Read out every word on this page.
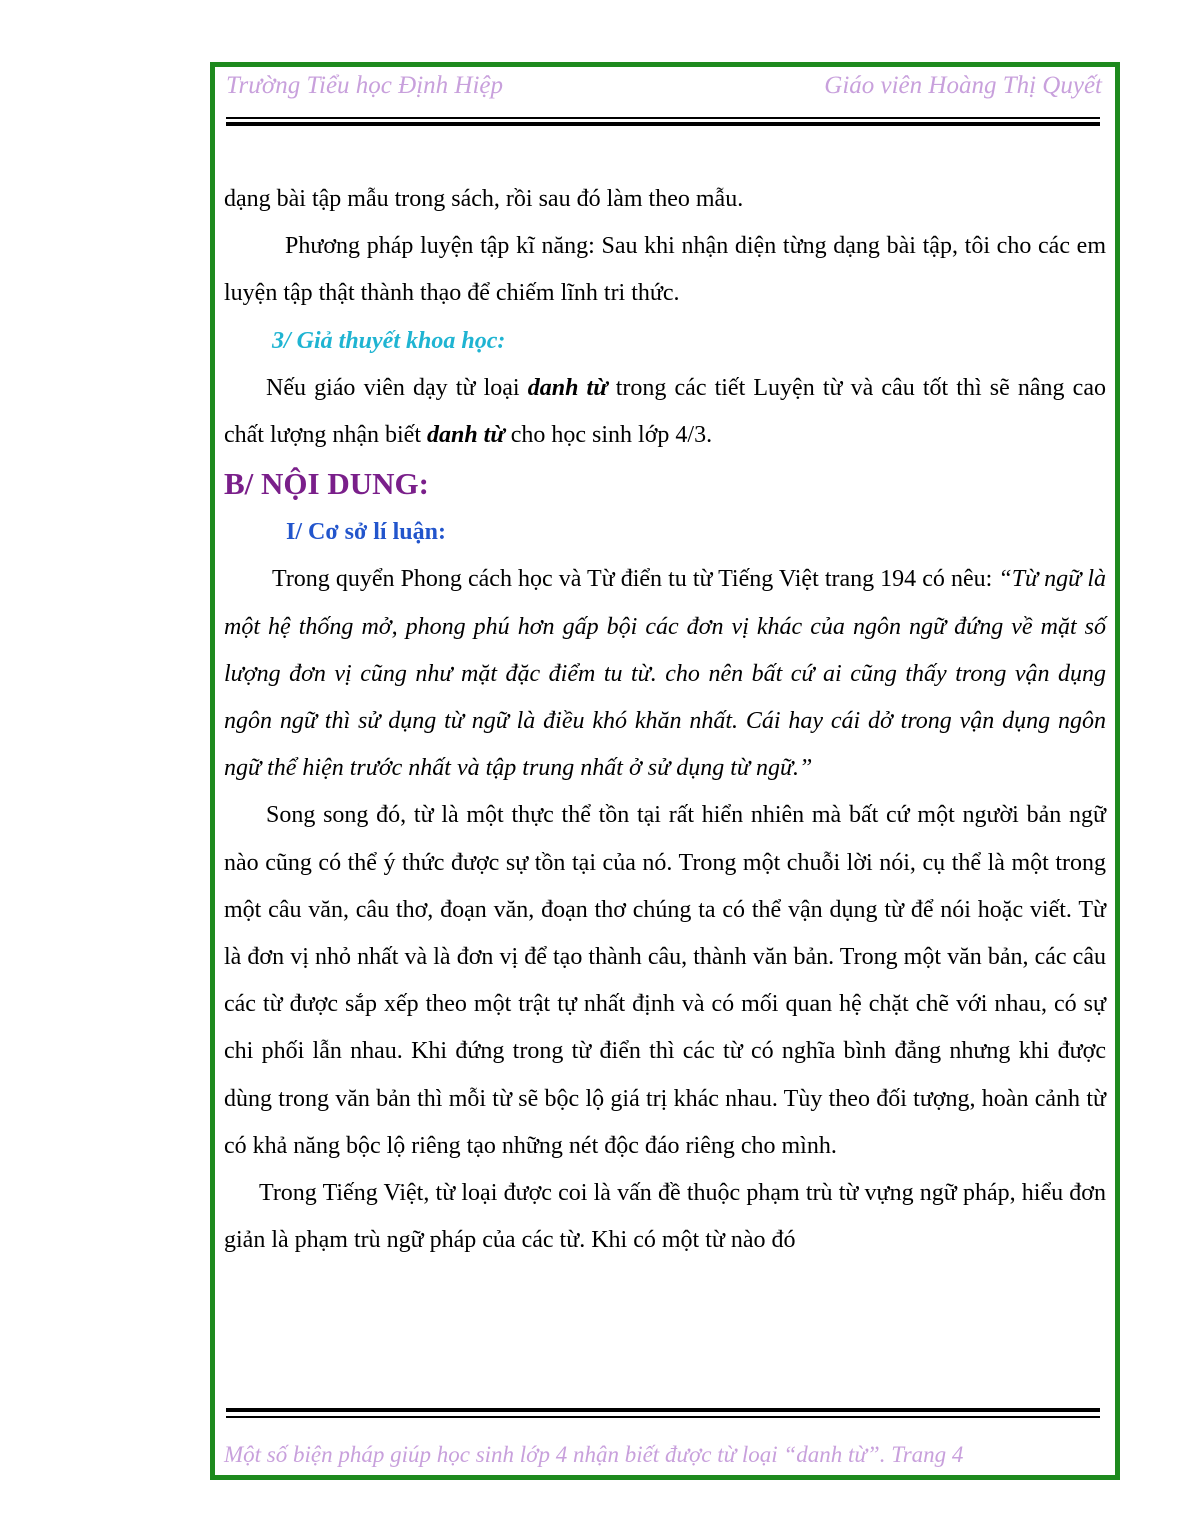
Trường Tiểu học Định Hiệp	Giáo viên Hoàng Thị Quyết

dạng bài tập mẫu trong sách, rồi sau đó làm theo mẫu.

Phương pháp luyện tập kĩ năng: Sau khi nhận diện từng dạng bài tập, tôi cho các em luyện tập thật thành thạo để chiếm lĩnh tri thức.

3/ Giả thuyết khoa học:

Nếu giáo viên dạy từ loại danh từ trong các tiết Luyện từ và câu tốt thì sẽ nâng cao chất lượng nhận biết danh từ cho học sinh lớp 4/3.

B/ NỘI DUNG:

I/ Cơ sở lí luận:

Trong quyển Phong cách học và Từ điển tu từ Tiếng Việt trang 194 có nêu: “Từ ngữ là một hệ thống mở, phong phú hơn gấp bội các đơn vị khác của ngôn ngữ đứng về mặt số lượng đơn vị cũng như mặt đặc điểm tu từ. cho nên bất cứ ai cũng thấy trong vận dụng ngôn ngữ thì sử dụng từ ngữ là điều khó khăn nhất. Cái hay cái dở trong vận dụng ngôn ngữ thể hiện trước nhất và tập trung nhất ở sử dụng từ ngữ.”

Song song đó, từ là một thực thể tồn tại rất hiển nhiên mà bất cứ một người bản ngữ nào cũng có thể ý thức được sự tồn tại của nó. Trong một chuỗi lời nói, cụ thể là một trong một câu văn, câu thơ, đoạn văn, đoạn thơ chúng ta có thể vận dụng từ để nói hoặc viết. Từ là đơn vị nhỏ nhất và là đơn vị để tạo thành câu, thành văn bản. Trong một văn bản, các câu các từ được sắp xếp theo một trật tự nhất định và có mối quan hệ chặt chẽ với nhau, có sự chi phối lẫn nhau. Khi đứng trong từ điển thì các từ có nghĩa bình đẳng nhưng khi được dùng trong văn bản thì mỗi từ sẽ bộc lộ giá trị khác nhau. Tùy theo đối tượng, hoàn cảnh từ có khả năng bộc lộ riêng tạo những nét độc đáo riêng cho mình.

Trong Tiếng Việt, từ loại được coi là vấn đề thuộc phạm trù từ vựng ngữ pháp, hiểu đơn giản là phạm trù ngữ pháp của các từ. Khi có một từ nào đó

Một số biện pháp giúp học sinh lớp 4 nhận biết được từ loại “danh từ”. Trang 4
